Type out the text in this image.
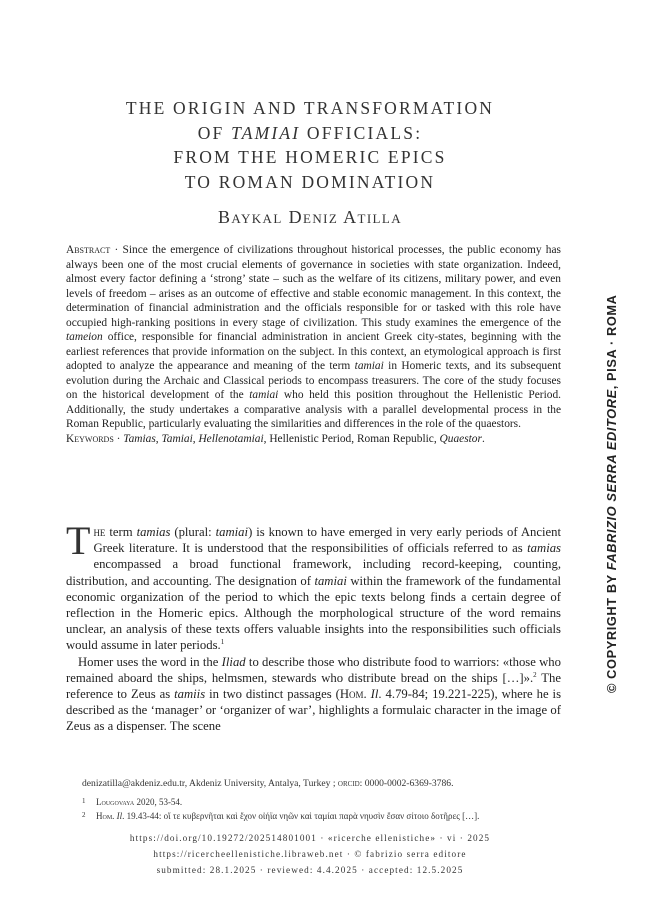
THE ORIGIN AND TRANSFORMATION
OF TAMIAI OFFICIALS:
FROM THE HOMERIC EPICS
TO ROMAN DOMINATION
Baykal Deniz Atilla

Abstract · Since the emergence of civilizations throughout historical processes, the public economy has always been one of the most crucial elements of governance in societies with state organization. Indeed, almost every factor defining a ‘strong’ state – such as the welfare of its citizens, military power, and even levels of freedom – arises as an outcome of effective and stable economic management. In this context, the determination of financial administration and the officials responsible for or tasked with this role have occupied high-ranking positions in every stage of civilization. This study examines the emergence of the tameion office, responsible for financial administration in ancient Greek city-states, beginning with the earliest references that provide information on the subject. In this context, an etymological approach is first adopted to analyze the appearance and meaning of the term tamiai in Homeric texts, and its subsequent evolution during the Archaic and Classical periods to encompass treasurers. The core of the study focuses on the historical development of the tamiai who held this position throughout the Hellenistic Period. Additionally, the study undertakes a comparative analysis with a parallel developmental process in the Roman Republic, particularly evaluating the similarities and differences in the role of the quaestors.

Keywords · Tamias, Tamiai, Hellenotamiai, Hellenistic Period, Roman Republic, Quaestor.

The term tamias (plural: tamiai) is known to have emerged in very early periods of Ancient Greek literature. It is understood that the responsibilities of officials referred to as tamias encompassed a broad functional framework, including record-keeping, counting, distribution, and accounting. The designation of tamiai within the framework of the fundamental economic organization of the period to which the epic texts belong finds a certain degree of reflection in the Homeric epics. Although the morphological structure of the word remains unclear, an analysis of these texts offers valuable insights into the responsibilities such officials would assume in later periods.$^1$

Homer uses the word in the Iliad to describe those who distribute food to warriors: «those who remained aboard the ships, helmsmen, stewards who distribute bread on the ships […]».$^2$ The reference to Zeus as tamiis in two distinct passages (Hom. Il. 4.79-84; 19.221-225), where he is described as the ‘manager’ or ‘organizer of war’, highlights a formulaic character in the image of Zeus as a dispenser. The scene

denizatilla@akdeniz.edu.tr, Akdeniz University, Antalya, Turkey ; orcid: 0000-0002-6369-3786.
1 Lougovaya 2020, 53-54.
2 Hom. Il. 19.43-44: οἵ τε κυβερνῆται καὶ ἔχον οἰήϊα νηῶν καὶ ταμίαι παρὰ νηυσὶν ἔσαν σίτοιο δοτῆρες […].
https://doi.org/10.19272/202514801001 · «ricerche ellenistiche» · vi · 2025
https://ricercheellenistiche.libraweb.net · © fabrizio serra editore
submitted: 28.1.2025 · reviewed: 4.4.2025 · accepted: 12.5.2025
© COPYRIGHT BY FABRIZIO SERRA EDITORE, PISA · ROMA
